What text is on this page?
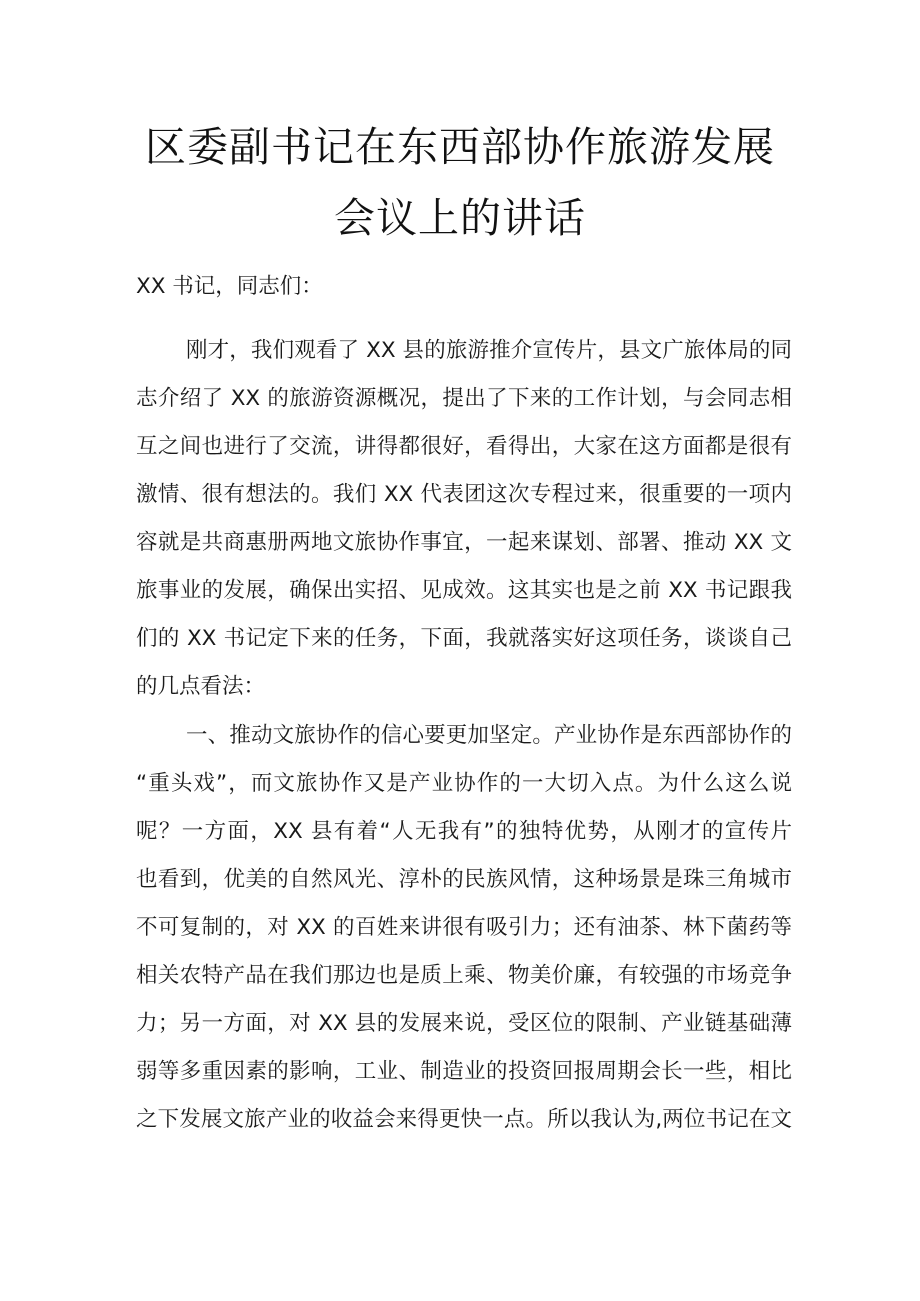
区委副书记在东西部协作旅游发展
会议上的讲话
XX 书记，同志们：
刚才，我们观看了 XX 县的旅游推介宣传片，县文广旅体局的同
志介绍了 XX 的旅游资源概况，提出了下来的工作计划，与会同志相
互之间也进行了交流，讲得都很好，看得出，大家在这方面都是很有
激情、很有想法的。我们 XX 代表团这次专程过来，很重要的一项内
容就是共商惠册两地文旅协作事宜，一起来谋划、部署、推动 XX 文
旅事业的发展，确保出实招、见成效。这其实也是之前 XX 书记跟我
们的 XX 书记定下来的任务，下面，我就落实好这项任务，谈谈自己
的几点看法：
一、推动文旅协作的信心要更加坚定。产业协作是东西部协作的
“重头戏”，而文旅协作又是产业协作的一大切入点。为什么这么说
呢？一方面，XX 县有着“人无我有”的独特优势，从刚才的宣传片
也看到，优美的自然风光、淳朴的民族风情，这种场景是珠三角城市
不可复制的，对 XX 的百姓来讲很有吸引力；还有油茶、林下菌药等
相关农特产品在我们那边也是质上乘、物美价廉，有较强的市场竞争
力；另一方面，对 XX 县的发展来说，受区位的限制、产业链基础薄
弱等多重因素的影响，工业、制造业的投资回报周期会长一些，相比
之下发展文旅产业的收益会来得更快一点。所以我认为,两位书记在文
